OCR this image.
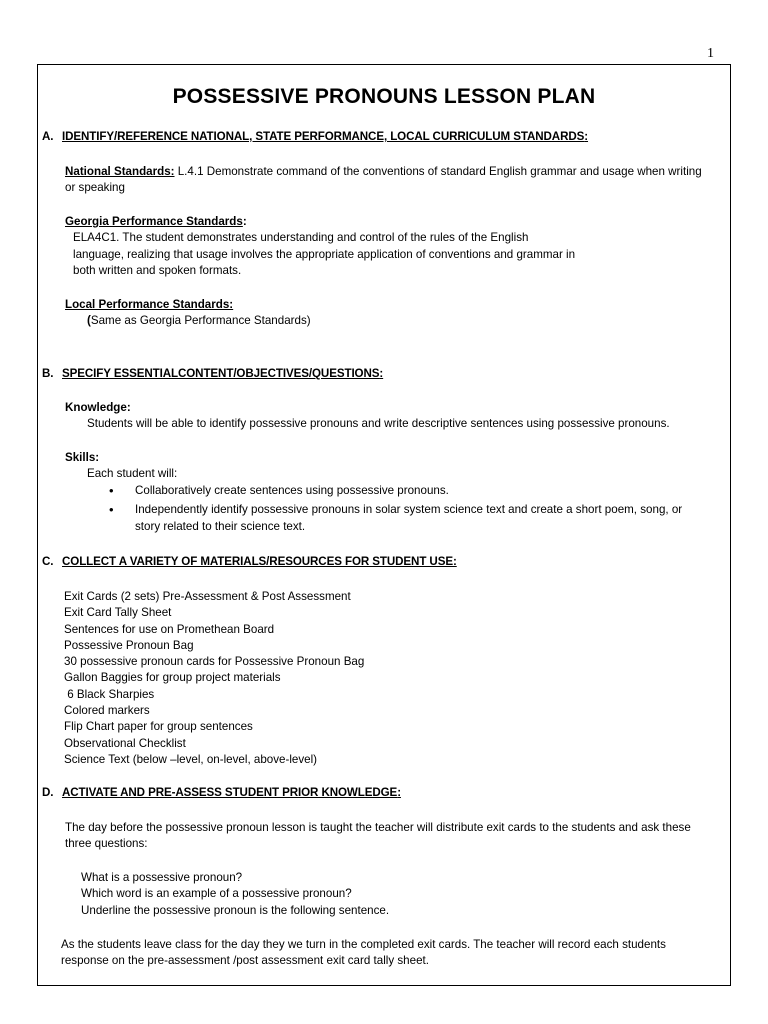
1
POSSESSIVE PRONOUNS LESSON PLAN
A. IDENTIFY/REFERENCE NATIONAL, STATE PERFORMANCE, LOCAL CURRICULUM STANDARDS:
National Standards: L.4.1 Demonstrate command of the conventions of standard English grammar and usage when writing or speaking
Georgia Performance Standards:
ELA4C1. The student demonstrates understanding and control of the rules of the English
language, realizing that usage involves the appropriate application of conventions and grammar in
both written and spoken formats.
Local Performance Standards:
(Same as Georgia Performance Standards)
B. SPECIFY ESSENTIALCONTENT/OBJECTIVES/QUESTIONS:
Knowledge:
Students will be able to identify possessive pronouns and write descriptive sentences using possessive pronouns.
Skills:
Each student will:
• Collaboratively create sentences using possessive pronouns.
• Independently identify possessive pronouns in solar system science text and create a short poem, song, or story related to their science text.
C. COLLECT A VARIETY OF MATERIALS/RESOURCES FOR STUDENT USE:
Exit Cards (2 sets) Pre-Assessment & Post Assessment
Exit Card Tally Sheet
Sentences for use on Promethean Board
Possessive Pronoun Bag
30 possessive pronoun cards for Possessive Pronoun Bag
Gallon Baggies for group project materials
6 Black Sharpies
Colored markers
Flip Chart paper for group sentences
Observational Checklist
Science Text (below –level, on-level, above-level)
D. ACTIVATE AND PRE-ASSESS STUDENT PRIOR KNOWLEDGE:
The day before the possessive pronoun lesson is taught the teacher will distribute exit cards to the students and ask these three questions:
What is a possessive pronoun?
Which word is an example of a possessive pronoun?
Underline the possessive pronoun is the following sentence.
As the students leave class for the day they we turn in the completed exit cards. The teacher will record each students response on the pre-assessment /post assessment exit card tally sheet.
